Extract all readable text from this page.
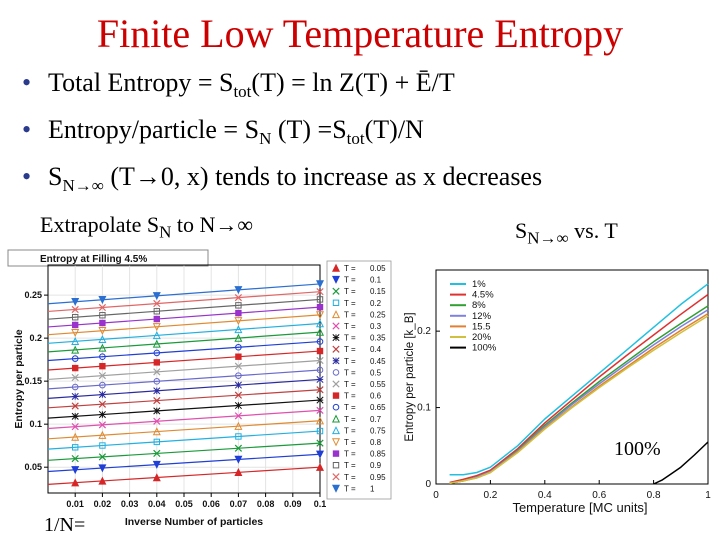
Finite Low Temperature Entropy
• Total Entropy = $S_{tot}(T) = \ln Z(T)$ + Ē/T
• Entropy/particle = $S_N$ $(T) =S_{tot}(T)/N$
• $S_{N\to\infty}$ (T→0, x) tends to increase as x decreases
Extrapolate $S_N$ to N→∞	$S_{N\to\infty}$ vs. T
Entropy at Filling 4.5%
0.01 0.02 0.03 0.04 0.05 0.06 0.07 0.08 0.09 0.1
0.05
0.1
0.15
0.2
0.25
Inverse Number of particles
Entropy per particle
T = 0.05
T = 0.1
T = 0.15
T = 0.2
T = 0.25
T = 0.3
T = 0.35
T = 0.4
T = 0.45
T = 0.5
T = 0.55
T = 0.6
T = 0.65
T = 0.7
T = 0.75
T = 0.8
T = 0.85
T = 0.9
T = 0.95
T = 1
0	0.2	0.4	0.6	0.8	1
0
0.1
0.2
Temperature [MC units]
Entropy per particle [k_B]
1%
4.5%
8%
12%
15.5
20%
100%
1/N=
100%
